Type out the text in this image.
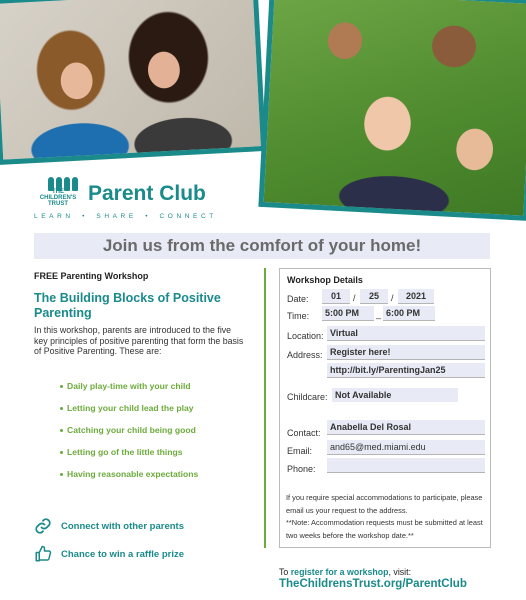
THE CHILDREN'S TRUST Parent Club
LEARN • SHARE • CONNECT
Join us from the comfort of your home!
FREE Parenting Workshop
The Building Blocks of Positive Parenting
In this workshop, parents are introduced to the five key principles of positive parenting that form the basis of Positive Parenting. These are:
Daily play-time with your child
Letting your child lead the play
Catching your child being good
Letting go of the little things
Having reasonable expectations
Connect with other parents
Chance to win a raffle prize
Workshop Details
Date:	01	/	25	/	2021
Time:	5:00 PM	_ 6:00 PM
Location: Virtual
Address: Register here!
http://bit.ly/ParentingJan25
Childcare: Not Available
Contact:
Anabella Del Rosal
Email:	and65@med.miami.edu
Phone:
If you require special accommodations to participate, please email us your request to the address.
**Note: Accommodation requests must be submitted at least two weeks before the workshop date.**
To register for a workshop, visit:
TheChildrensTrust.org/ParentClub
